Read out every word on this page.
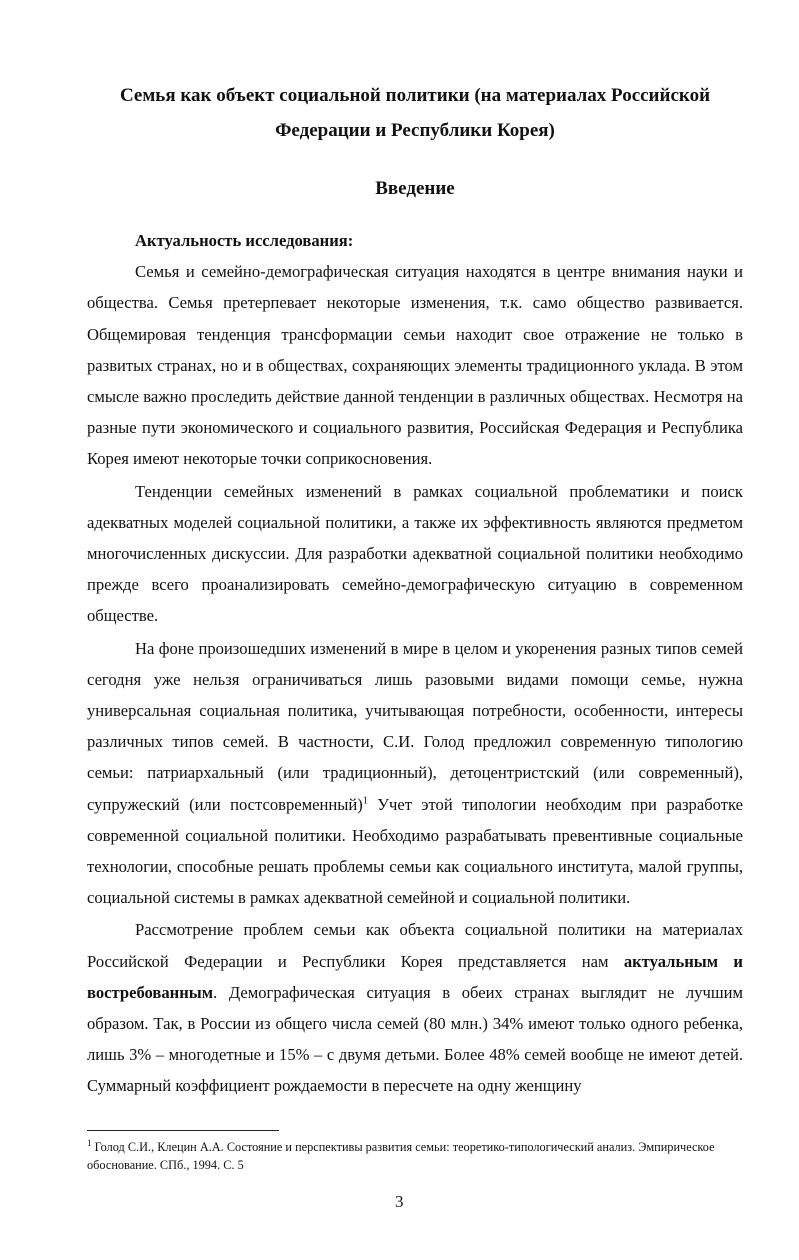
Семья как объект социальной политики (на материалах Российской
Федерации и Республики Корея)
Введение

Актуальность исследования:

Семья и семейно-демографическая ситуация находятся в центре внимания науки и общества. Семья претерпевает некоторые изменения, т.к. само общество развивается. Общемировая тенденция трансформации семьи находит свое отражение не только в развитых странах, но и в обществах, сохраняющих элементы традиционного уклада. В этом смысле важно проследить действие данной тенденции в различных обществах. Несмотря на разные пути экономического и социального развития, Российская Федерация и Республика Корея имеют некоторые точки соприкосновения.

Тенденции семейных изменений в рамках социальной проблематики и поиск адекватных моделей социальной политики, а также их эффективность являются предметом многочисленных дискуссии. Для разработки адекватной социальной политики необходимо прежде всего проанализировать семейно-демографическую ситуацию в современном обществе.

На фоне произошедших изменений в мире в целом и укоренения разных типов семей сегодня уже нельзя ограничиваться лишь разовыми видами помощи семье, нужна универсальная социальная политика, учитывающая потребности, особенности, интересы различных типов семей. В частности, С.И. Голод предложил современную типологию семьи: патриархальный (или традиционный), детоцентристский (или современный), супружеский (или постсовременный)$^1$ Учет этой типологии необходим при разработке современной социальной политики. Необходимо разрабатывать превентивные социальные технологии, способные решать проблемы семьи как социального института, малой группы, социальной системы в рамках адекватной семейной и социальной политики.

Рассмотрение проблем семьи как объекта социальной политики на материалах Российской Федерации и Республики Корея представляется нам актуальным и востребованным. Демографическая ситуация в обеих странах выглядит не лучшим образом. Так, в России из общего числа семей (80 млн.) 34% имеют только одного ребенка, лишь 3% – многодетные и 15% – с двумя детьми. Более 48% семей вообще не имеют детей. Суммарный коэффициент рождаемости в пересчете на одну женщину

$^1$ Голод С.И., Клецин А.А. Состояние и перспективы развития семьи: теоретико-типологический анализ. Эмпирическое обоснование. СПб., 1994. С. 5

3
